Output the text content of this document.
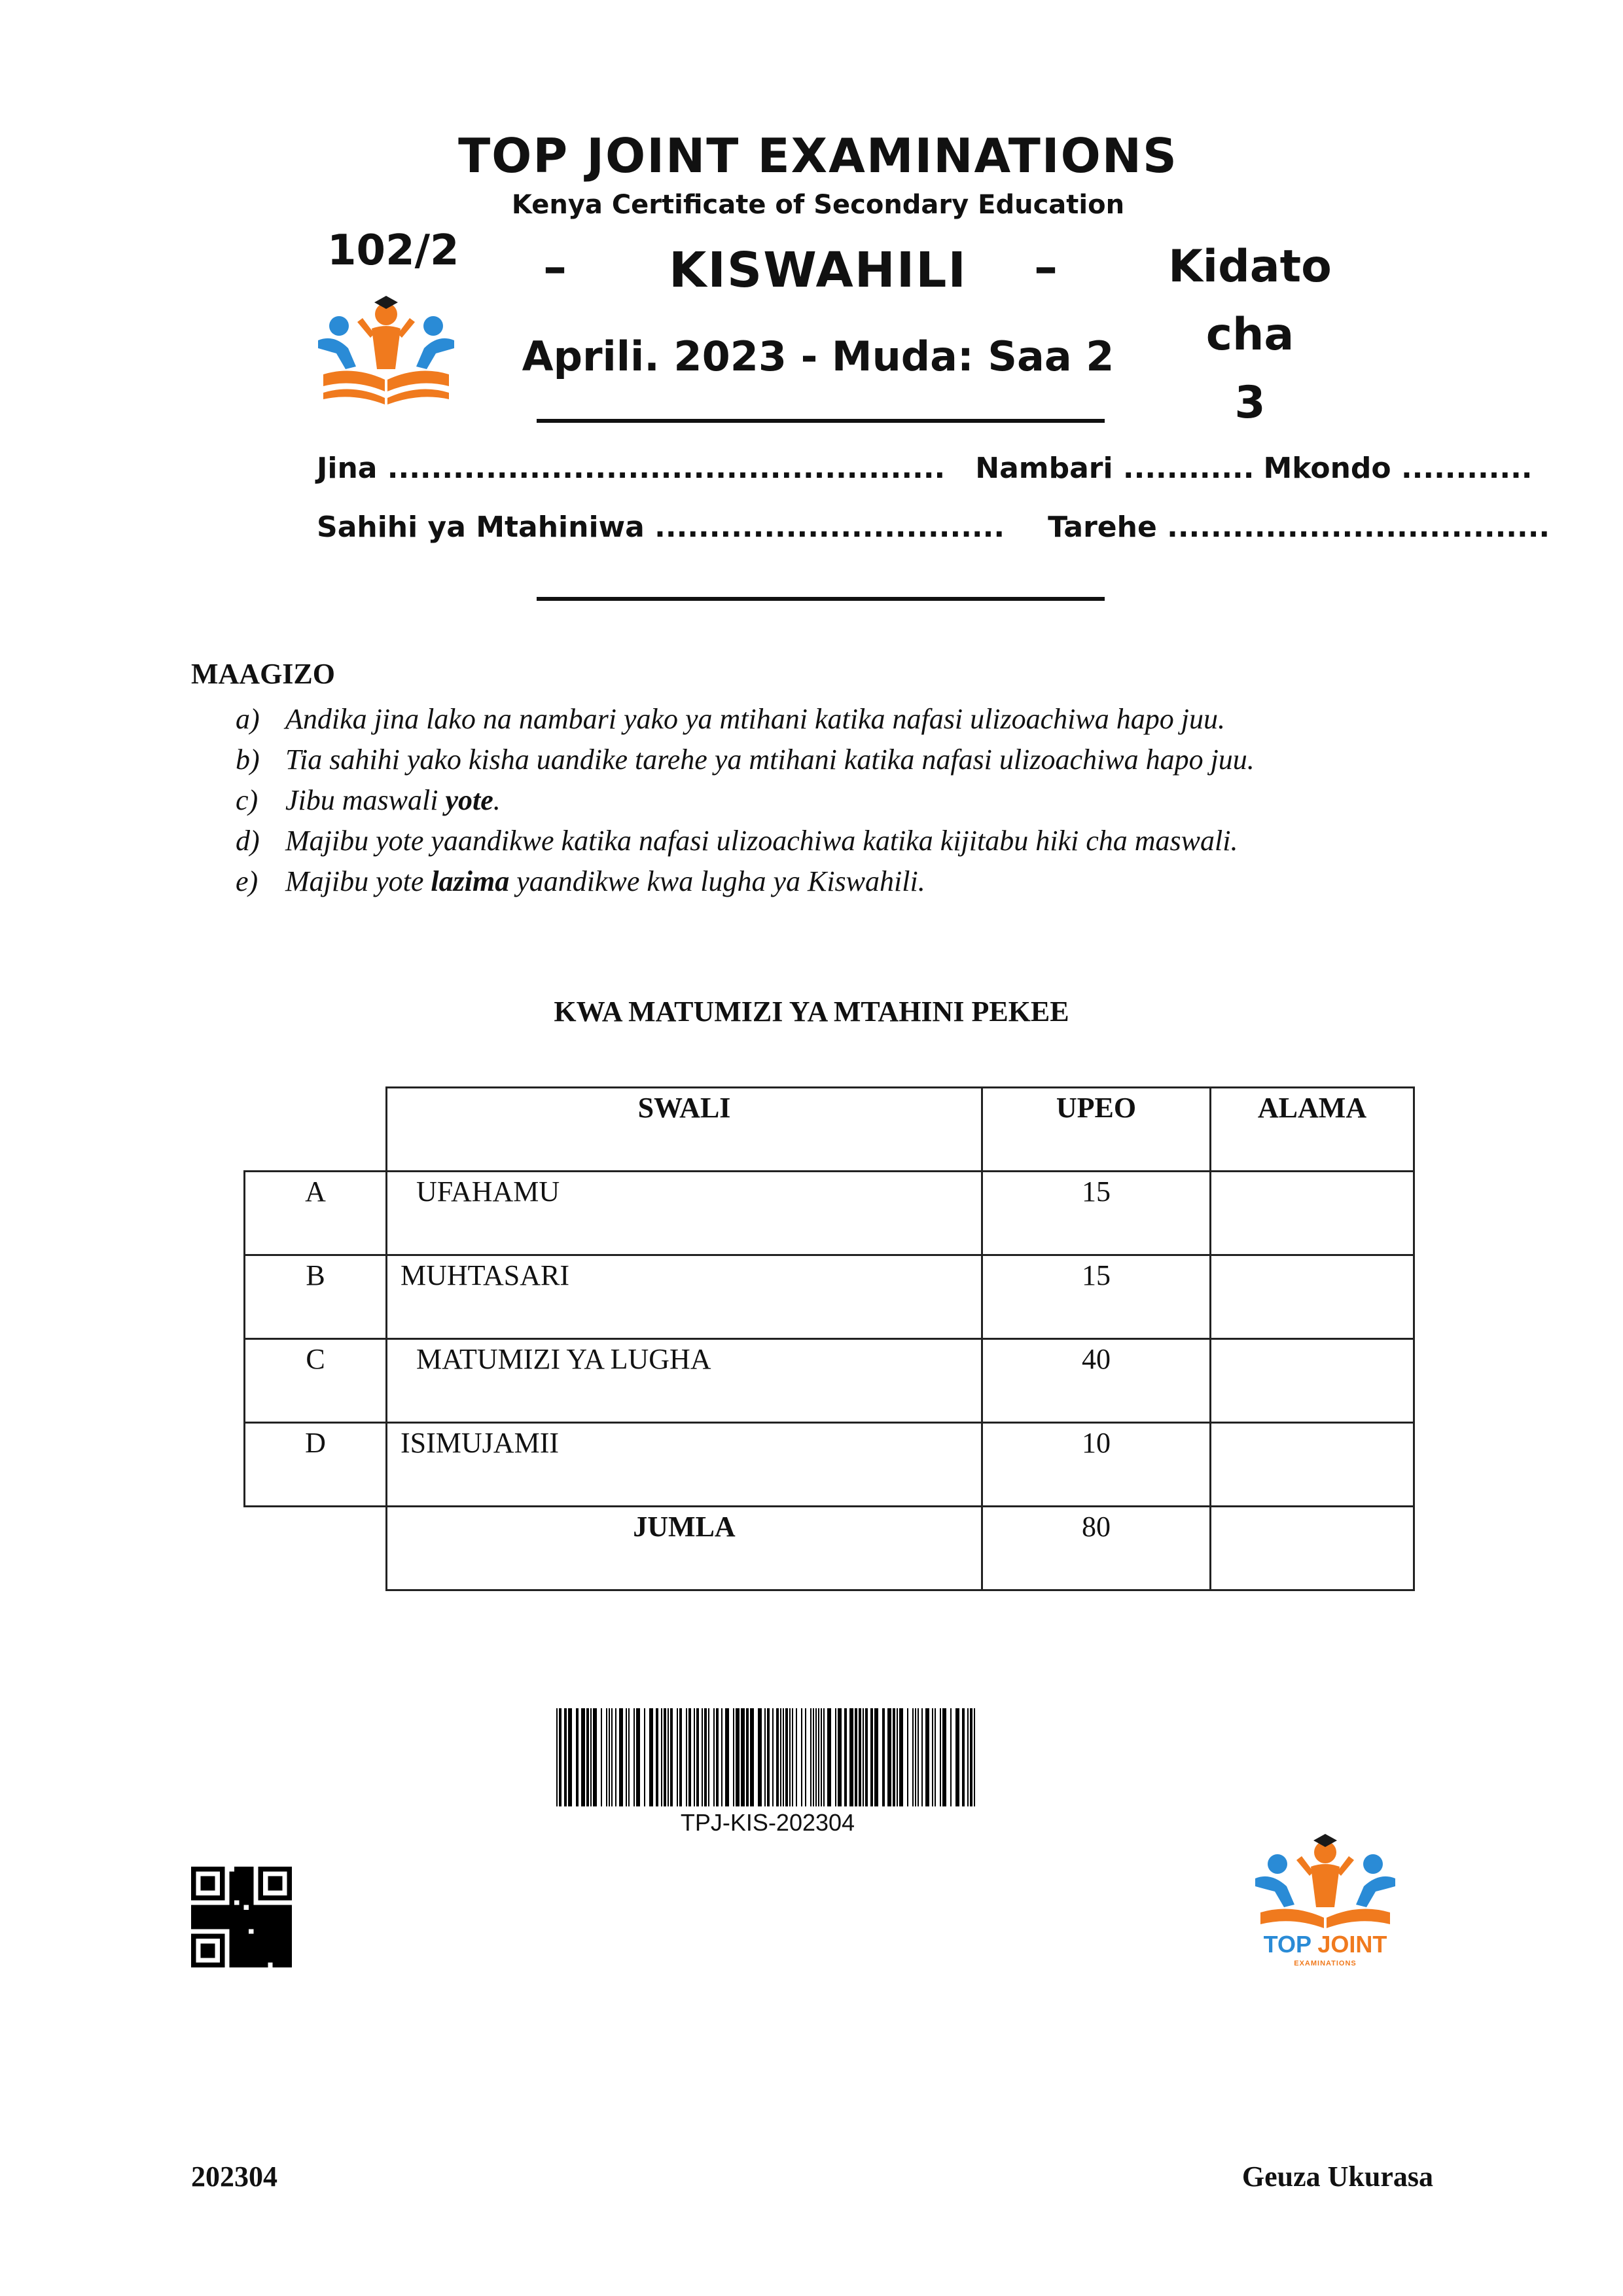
TOP JOINT EXAMINATIONS
Kenya Certificate of Secondary Education
102/2 –	KISWAHILI	–	Kidato cha
3
Aprili. 2023 - Muda: Saa 2
Jina ................................................... Nambari ............ Mkondo ............
Sahihi ya Mtahiniwa ................................ Tarehe ...................................
MAAGIZO
a) Andika jina lako na nambari yako ya mtihani katika nafasi ulizoachiwa hapo juu.
b) Tia sahihi yako kisha uandike tarehe ya mtihani katika nafasi ulizoachiwa hapo juu.
c) Jibu maswali yote.
d) Majibu yote yaandikwe katika nafasi ulizoachiwa katika kijitabu hiki cha maswali.
e) Majibu yote lazima yaandikwe kwa lugha ya Kiswahili.
KWA MATUMIZI YA MTAHINI PEKEE
	SWALI	UPEO	ALAMA
A	UFAHAMU	15	
B	MUHTASARI	15	
C	MATUMIZI YA LUGHA	40	
D	ISIMUJAMII	10	
	JUMLA	80	
TPJ-KIS-202304
TOP JOINT
EXAMINATIONS
202304	Geuza Ukurasa
